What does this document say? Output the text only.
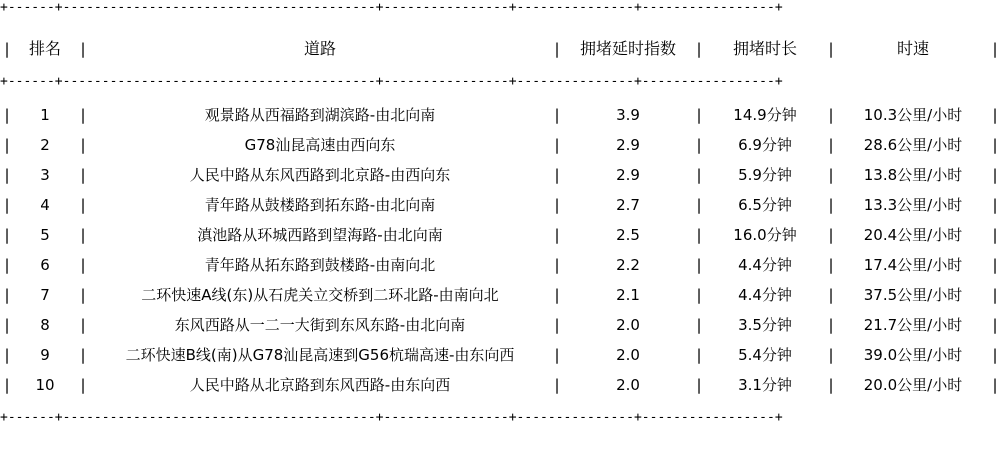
+------+----------------------------------------+----------------+---------------+-----------------+										

|	排名	|	道路	|	拥堵延时指数	|	拥堵时长	|	时速	|

+------+----------------------------------------+----------------+---------------+-----------------+										

|	1	|	观景路从西福路到湖滨路-由北向南	|	3.9	|	14.9分钟	|	10.3公里/小时	|
|	2	|	G78汕昆高速由西向东	|	2.9	|	6.9分钟	|	28.6公里/小时	|
|	3	|	人民中路从东风西路到北京路-由西向东	|	2.9	|	5.9分钟	|	13.8公里/小时	|
|	4	|	青年路从鼓楼路到拓东路-由北向南	|	2.7	|	6.5分钟	|	13.3公里/小时	|
|	5	|	滇池路从环城西路到望海路-由北向南	|	2.5	|	16.0分钟	|	20.4公里/小时	|
|	6	|	青年路从拓东路到鼓楼路-由南向北	|	2.2	|	4.4分钟	|	17.4公里/小时	|
|	7	|	二环快速A线(东)从石虎关立交桥到二环北路-由南向北	|	2.1	|	4.4分钟	|	37.5公里/小时	|
|	8	|	东风西路从一二一大街到东风东路-由北向南	|	2.0	|	3.5分钟	|	21.7公里/小时	|
|	9	|	二环快速B线(南)从G78汕昆高速到G56杭瑞高速-由东向西	|	2.0	|	5.4分钟	|	39.0公里/小时	|
|	10	|	人民中路从北京路到东风西路-由东向西	|	2.0	|	3.1分钟	|	20.0公里/小时	|

+------+----------------------------------------+----------------+---------------+-----------------+										
